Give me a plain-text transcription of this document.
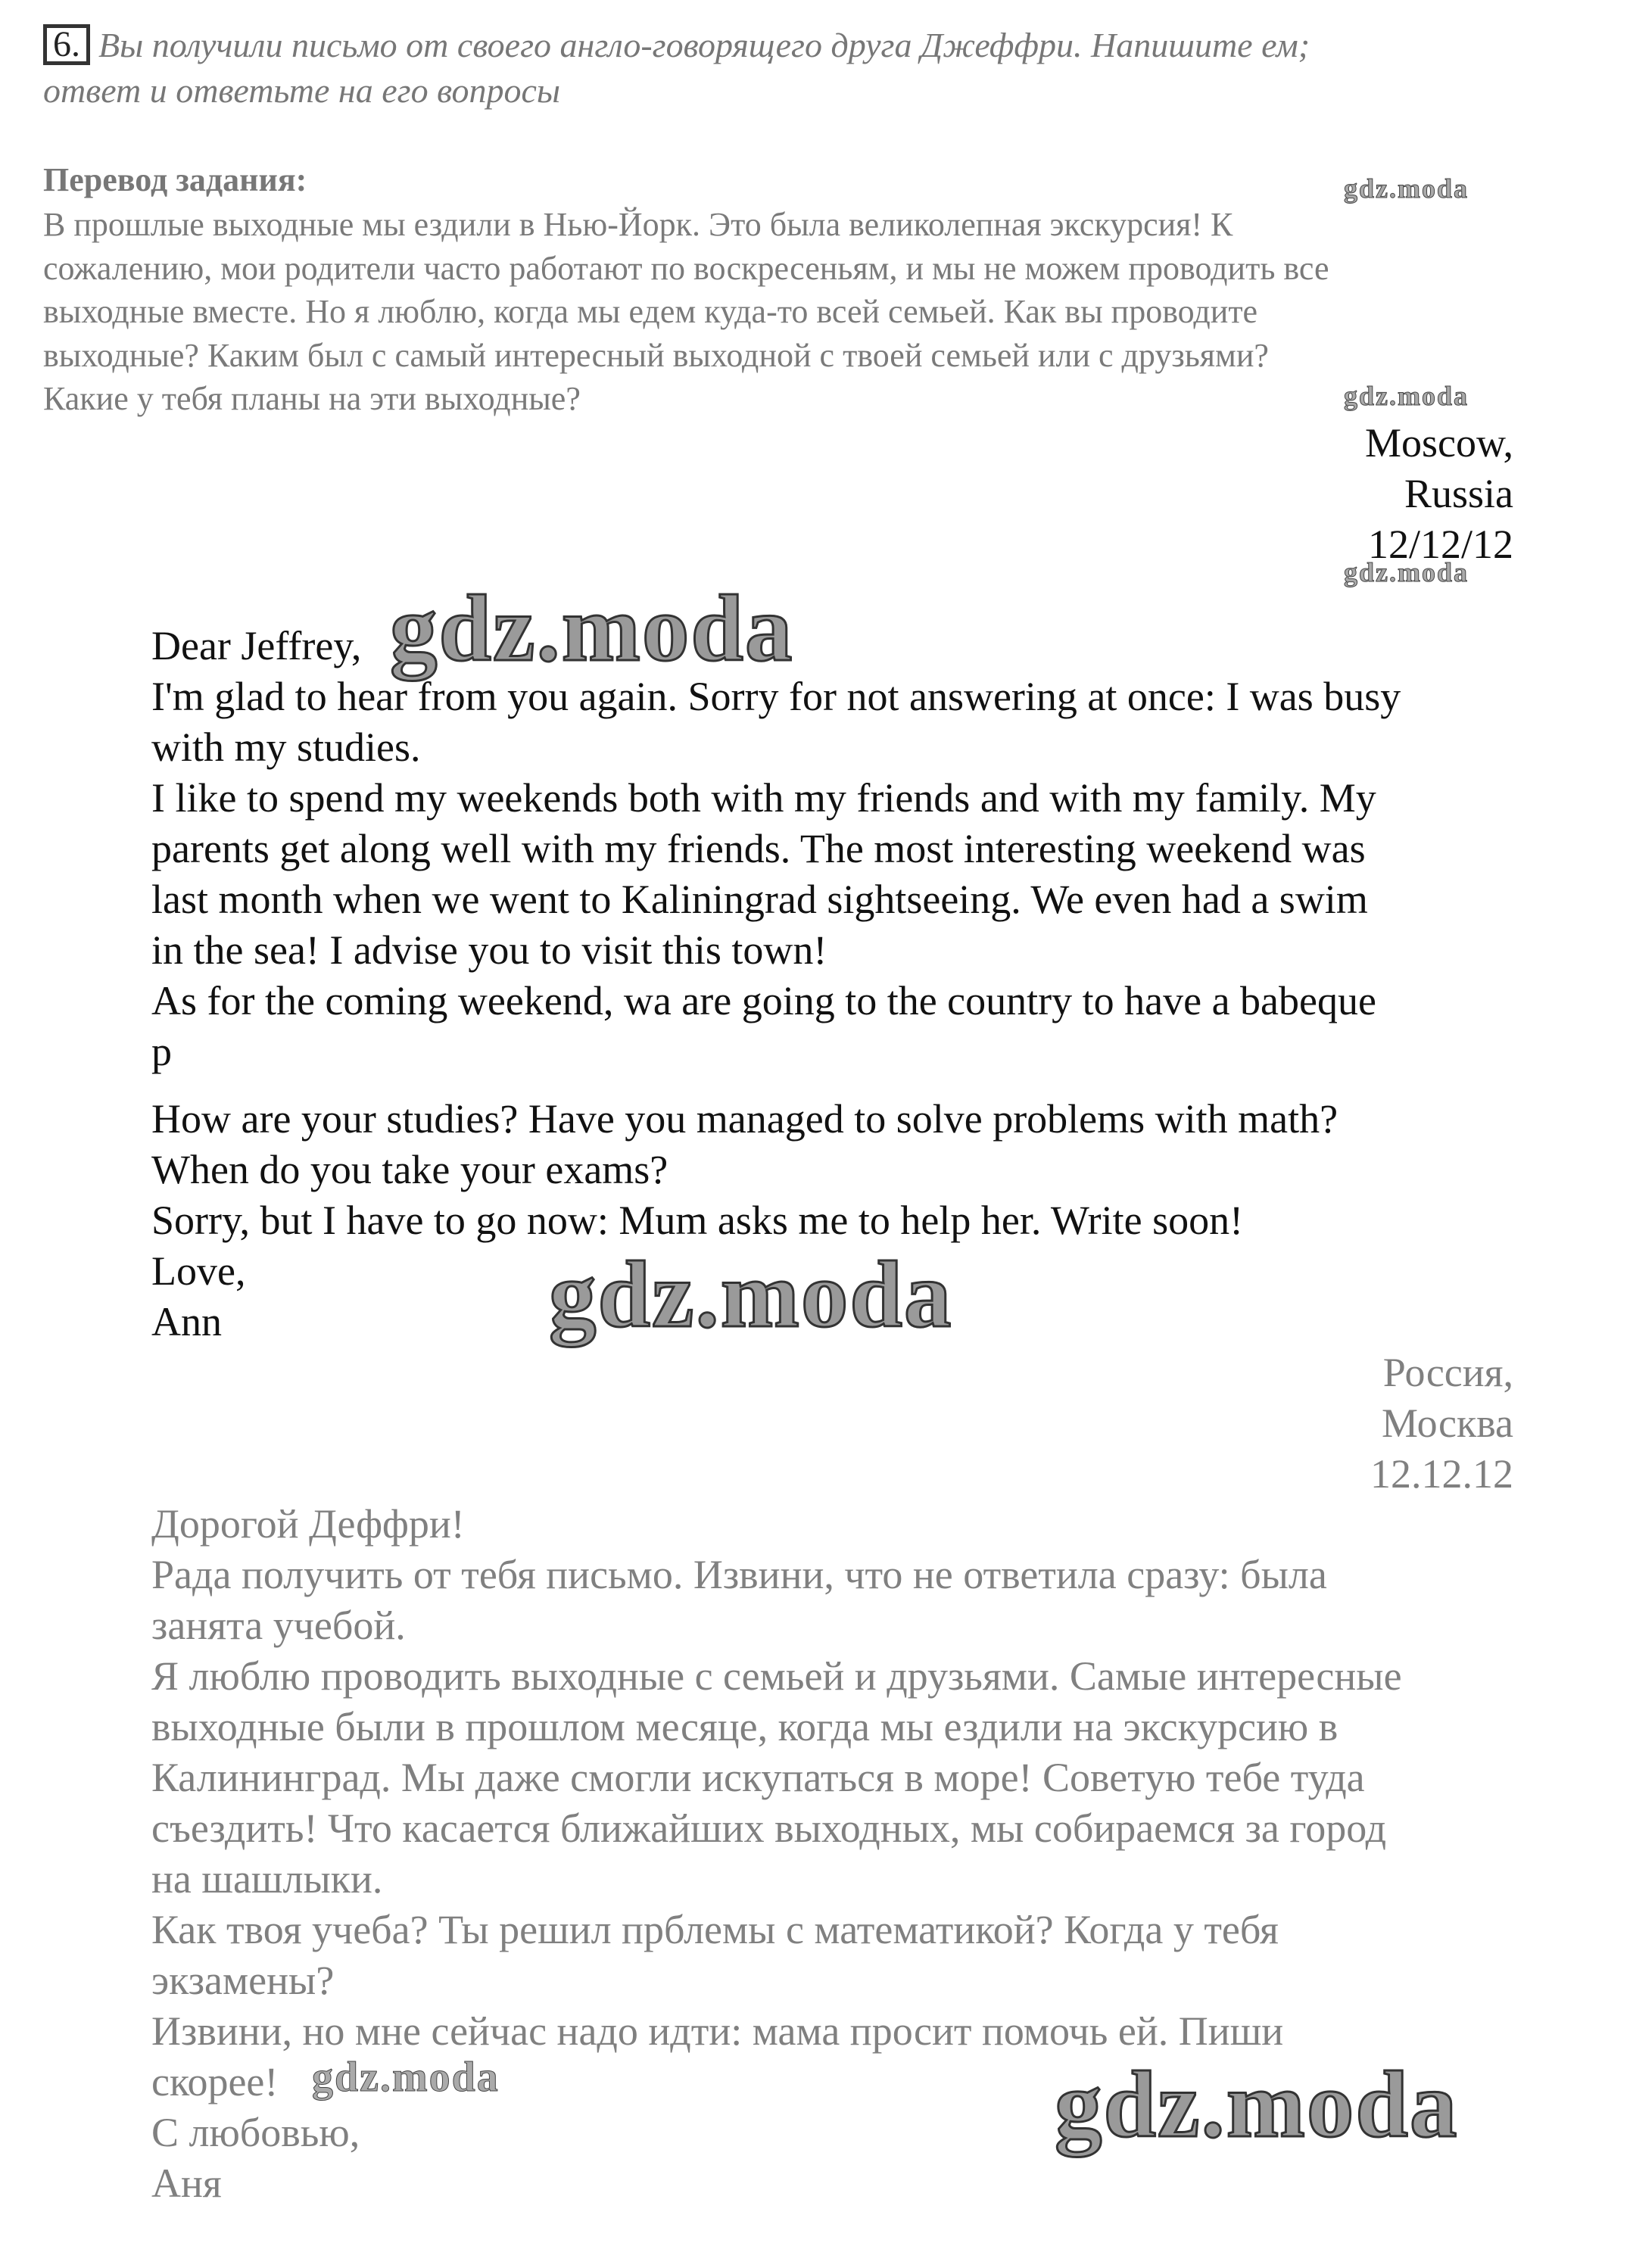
6. Вы получили письмо от своего англо-говорящего друга Джеффри. Напишите ем;
ответ и ответьте на его вопросы
Перевод задания:
В прошлые выходные мы ездили в Нью-Йорк. Это была великолепная экскурсия! К
сожалению, мои родители часто работают по воскресеньям, и мы не можем проводить все
выходные вместе. Но я люблю, когда мы едем куда-то всей семьей. Как вы проводите
выходные? Каким был с самый интересный выходной с твоей семьей или с друзьями?
Какие у тебя планы на эти выходные?
Moscow,
Russia
12/12/12
Dear Jeffrey,
I'm glad to hear from you again. Sorry for not answering at once: I was busy
with my studies.
I like to spend my weekends both with my friends and with my family. My
parents get along well with my friends. The most interesting weekend was
last month when we went to Kaliningrad sightseeing. We even had a swim
in the sea! I advise you to visit this town!
As for the coming weekend, wa are going to the country to have a babeque
p
How are your studies? Have you managed to solve problems with math?
When do you take your exams?
Sorry, but I have to go now: Mum asks me to help her. Write soon!
Love,
Ann
Россия,
Москва
12.12.12
Дорогой Деффри!
Рада получить от тебя письмо. Извини, что не ответила сразу: была
занята учебой.
Я люблю проводить выходные с семьей и друзьями. Самые интересные
выходные были в прошлом месяце, когда мы ездили на экскурсию в
Калининград. Мы даже смогли искупаться в море! Советую тебе туда
съездить! Что касается ближайших выходных, мы собираемся за город
на шашлыки.
Как твоя учеба? Ты решил прблемы с математикой? Когда у тебя
экзамены?
Извини, но мне сейчас надо идти: мама просит помочь ей. Пиши
скорее!
С любовью,
Аня
gdz.moda
gdz.moda
gdz.moda
gdz.moda
gdz.moda
gdz.moda	gdz.moda
